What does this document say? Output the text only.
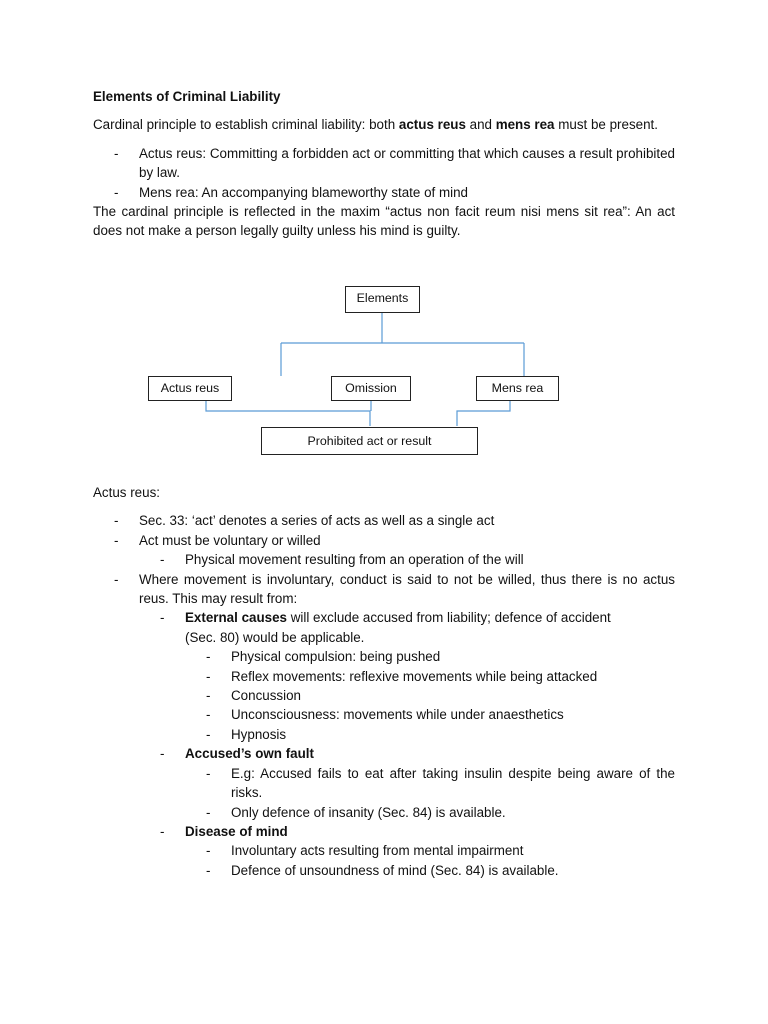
Elements of Criminal Liability

Cardinal principle to establish criminal liability: both actus reus and mens rea must be present.

- Actus reus: Committing a forbidden act or committing that which causes a result prohibited by law.
- Mens rea: An accompanying blameworthy state of mind

The cardinal principle is reflected in the maxim “actus non facit reum nisi mens sit rea”: An act does not make a person legally guilty unless his mind is guilty.

Elements
Actus reus	Omission	Mens rea
Prohibited act or result

Actus reus:

- Sec. 33: ‘act’ denotes a series of acts as well as a single act
- Act must be voluntary or willed
- Physical movement resulting from an operation of the will
- Where movement is involuntary, conduct is said to not be willed, thus there is no actus reus. This may result from:
- External causes will exclude accused from liability; defence of accident
(Sec. 80) would be applicable.
- Physical compulsion: being pushed
- Reflex movements: reflexive movements while being attacked
- Concussion
- Unconsciousness: movements while under anaesthetics
- Hypnosis
- Accused’s own fault
- E.g: Accused fails to eat after taking insulin despite being aware of the risks.
- Only defence of insanity (Sec. 84) is available.
- Disease of mind
- Involuntary acts resulting from mental impairment
- Defence of unsoundness of mind (Sec. 84) is available.
